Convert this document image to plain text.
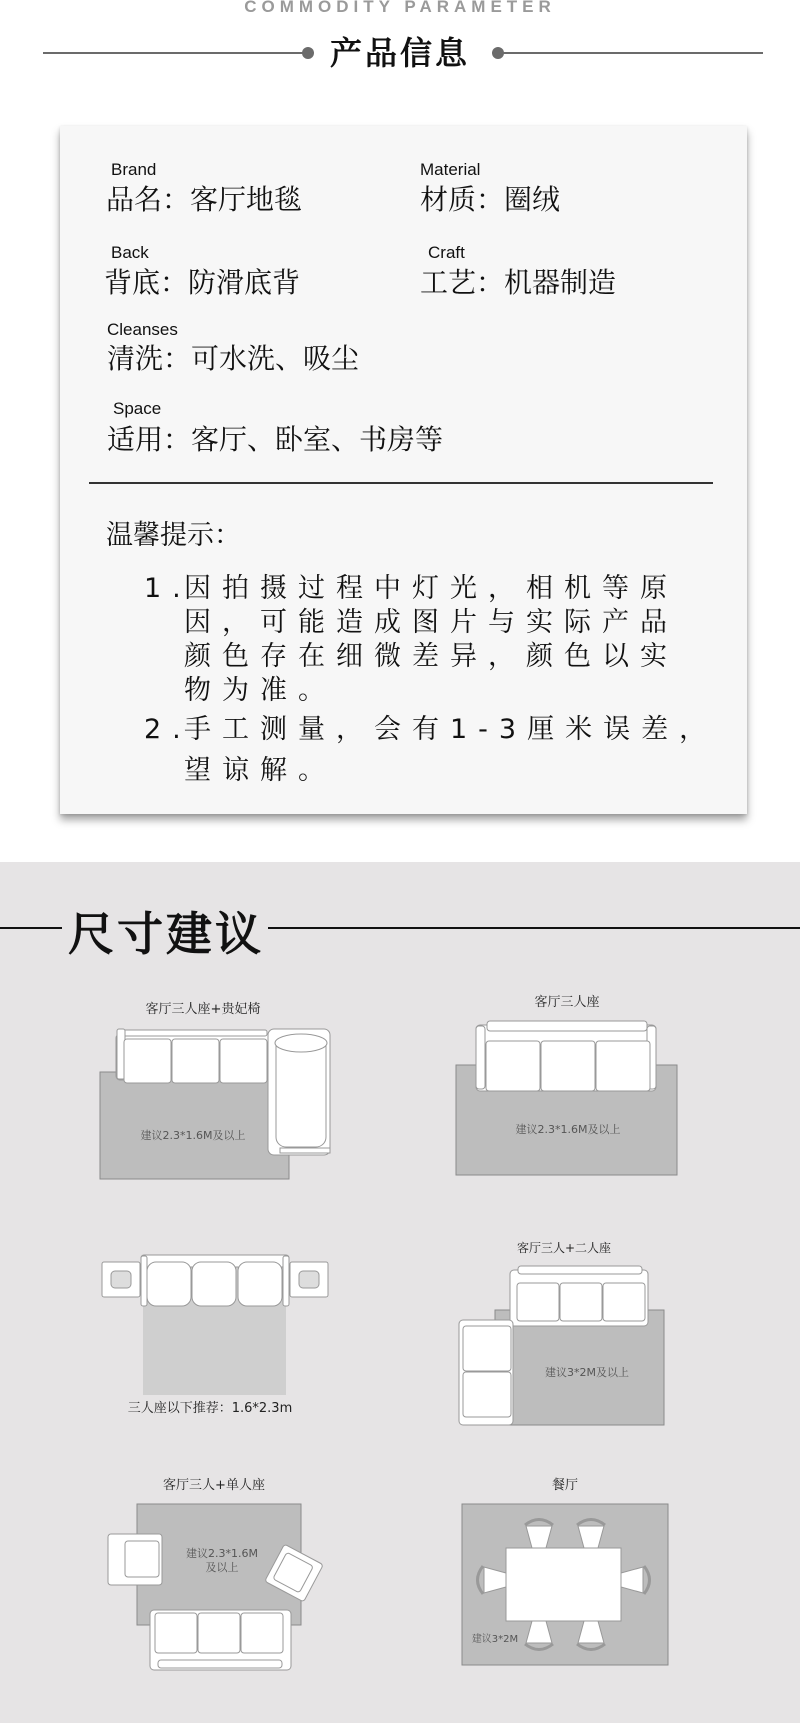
COMMODITY PARAMETER
产品信息
Brand
品名：客厅地毯
Material
材质：圈绒
Back
背底：防滑底背
Craft
工艺：机器制造
Cleanses
清洗：可水洗、吸尘
Space
适用：客厅、卧室、书房等
温馨提示：
1.
因拍摄过程中灯光，相机等原
因，可能造成图片与实际产品
颜色存在细微差异，颜色以实
物为准。
2.
手工测量，会有1-3厘米误差，
望谅解。
尺寸建议
客厅三人座+贵妃椅
建议2.3*1.6M及以上
客厅三人座
建议2.3*1.6M及以上
三人座以下推荐：1.6*2.3m
客厅三人+二人座
建议3*2M及以上
客厅三人+单人座
建议2.3*1.6M
及以上
餐厅
建议3*2M
